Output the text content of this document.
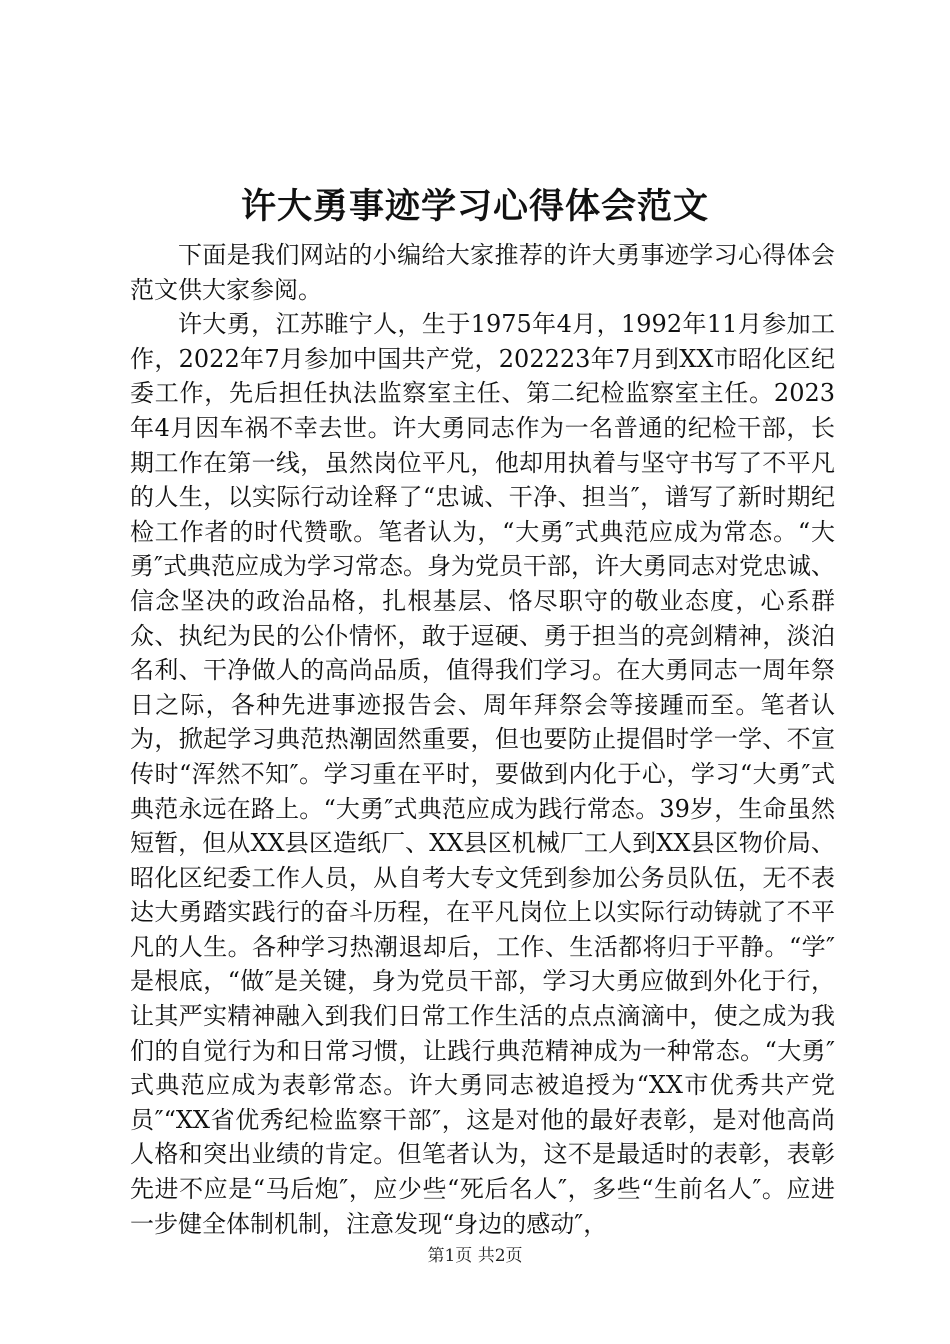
许大勇事迹学习心得体会范文

下面是我们网站的小编给大家推荐的许大勇事迹学习心得体会范文供大家参阅。

许大勇，江苏睢宁人，生于1975年4月，1992年11月参加工作，2022年7月参加中国共产党，202223年7月到XX市昭化区纪委工作，先后担任执法监察室主任、第二纪检监察室主任。2023年4月因车祸不幸去世。许大勇同志作为一名普通的纪检干部，长期工作在第一线，虽然岗位平凡，他却用执着与坚守书写了不平凡的人生，以实际行动诠释了“忠诚、干净、担当″，谱写了新时期纪检工作者的时代赞歌。笔者认为，“大勇″式典范应成为常态。“大勇″式典范应成为学习常态。身为党员干部，许大勇同志对党忠诚、信念坚决的政治品格，扎根基层、恪尽职守的敬业态度，心系群众、执纪为民的公仆情怀，敢于逗硬、勇于担当的亮剑精神，淡泊名利、干净做人的高尚品质，值得我们学习。在大勇同志一周年祭日之际，各种先进事迹报告会、周年拜祭会等接踵而至。笔者认为，掀起学习典范热潮固然重要，但也要防止提倡时学一学、不宣传时“浑然不知″。学习重在平时，要做到内化于心，学习“大勇″式典范永远在路上。“大勇″式典范应成为践行常态。39岁，生命虽然短暂，但从XX县区造纸厂、XX县区机械厂工人到XX县区物价局、昭化区纪委工作人员，从自考大专文凭到参加公务员队伍，无不表达大勇踏实践行的奋斗历程，在平凡岗位上以实际行动铸就了不平凡的人生。各种学习热潮退却后，工作、生活都将归于平静。“学″是根底，“做″是关键，身为党员干部，学习大勇应做到外化于行，让其严实精神融入到我们日常工作生活的点点滴滴中，使之成为我们的自觉行为和日常习惯，让践行典范精神成为一种常态。“大勇″式典范应成为表彰常态。许大勇同志被追授为“XX市优秀共产党员″“XX省优秀纪检监察干部″，这是对他的最好表彰，是对他高尚人格和突出业绩的肯定。但笔者认为，这不是最适时的表彰，表彰先进不应是“马后炮″，应少些“死后名人″，多些“生前名人″。应进一步健全体制机制，注意发现“身边的感动″，

第1页 共2页
